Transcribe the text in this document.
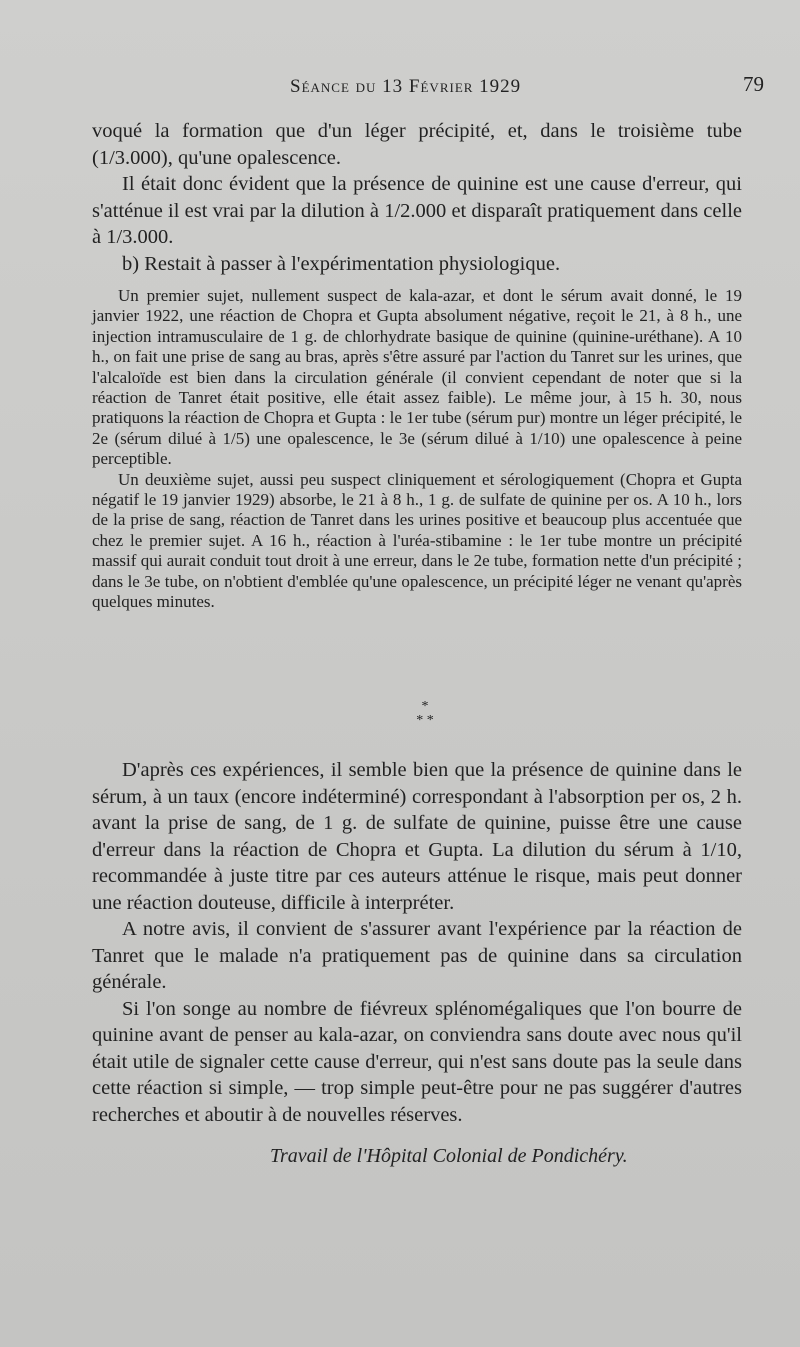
Séance du 13 Février 1929	79

voqué la formation que d'un léger précipité, et, dans le troisième tube (1/3.000), qu'une opalescence.

Il était donc évident que la présence de quinine est une cause d'erreur, qui s'atténue il est vrai par la dilution à 1/2.000 et disparaît pratiquement dans celle à 1/3.000.

b) Restait à passer à l'expérimentation physiologique.

Un premier sujet, nullement suspect de kala-azar, et dont le sérum avait donné, le 19 janvier 1922, une réaction de Chopra et Gupta absolument négative, reçoit le 21, à 8 h., une injection intramusculaire de 1 g. de chlorhydrate basique de quinine (quinine-uréthane). A 10 h., on fait une prise de sang au bras, après s'être assuré par l'action du Tanret sur les urines, que l'alcaloïde est bien dans la circulation générale (il convient cependant de noter que si la réaction de Tanret était positive, elle était assez faible). Le même jour, à 15 h. 30, nous pratiquons la réaction de Chopra et Gupta : le 1er tube (sérum pur) montre un léger précipité, le 2e (sérum dilué à 1/5) une opalescence, le 3e (sérum dilué à 1/10) une opalescence à peine perceptible.

Un deuxième sujet, aussi peu suspect cliniquement et sérologiquement (Chopra et Gupta négatif le 19 janvier 1929) absorbe, le 21 à 8 h., 1 g. de sulfate de quinine per os. A 10 h., lors de la prise de sang, réaction de Tanret dans les urines positive et beaucoup plus accentuée que chez le premier sujet. A 16 h., réaction à l'uréa-stibamine : le 1er tube montre un précipité massif qui aurait conduit tout droit à une erreur, dans le 2e tube, formation nette d'un précipité ; dans le 3e tube, on n'obtient d'emblée qu'une opalescence, un précipité léger ne venant qu'après quelques minutes.

*
* *

D'après ces expériences, il semble bien que la présence de quinine dans le sérum, à un taux (encore indéterminé) correspondant à l'absorption per os, 2 h. avant la prise de sang, de 1 g. de sulfate de quinine, puisse être une cause d'erreur dans la réaction de Chopra et Gupta. La dilution du sérum à 1/10, recommandée à juste titre par ces auteurs atténue le risque, mais peut donner une réaction douteuse, difficile à interpréter.

A notre avis, il convient de s'assurer avant l'expérience par la réaction de Tanret que le malade n'a pratiquement pas de quinine dans sa circulation générale.

Si l'on songe au nombre de fiévreux splénomégaliques que l'on bourre de quinine avant de penser au kala-azar, on conviendra sans doute avec nous qu'il était utile de signaler cette cause d'erreur, qui n'est sans doute pas la seule dans cette réaction si simple, — trop simple peut-être pour ne pas suggérer d'autres recherches et aboutir à de nouvelles réserves.

Travail de l'Hôpital Colonial de Pondichéry.
